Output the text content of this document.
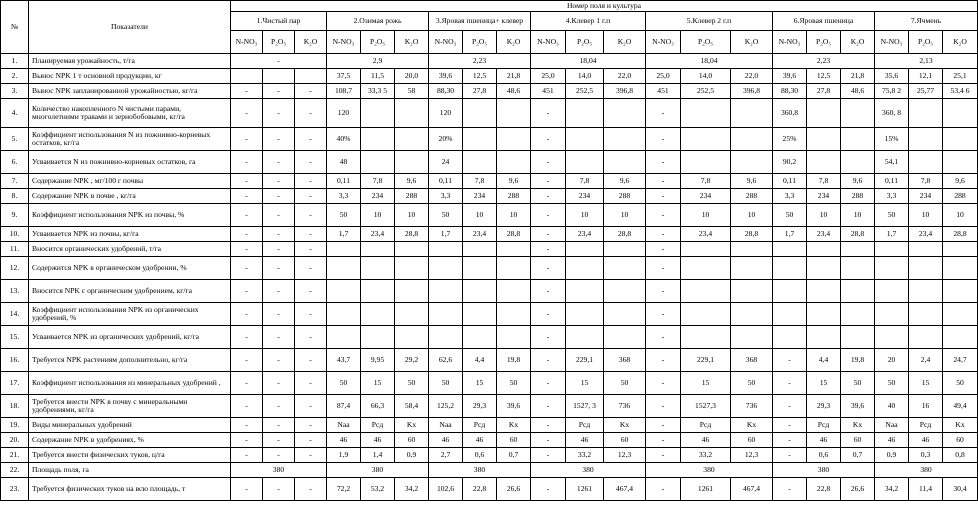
№	Показатели	Номер поля и культура																				
		1.Чистый пар			2.Озимая рожь			3.Яровая пшеница+ клевер			4.Клевер 1 г.п			5.Клевер 2 г.п			6.Яровая пшеница			7.Ячмень		
		N-NO₃	P₂O₅	K₂O	N-NO₃	P₂O₅	K₂O	N-NO₃	P₂O₅	K₂O	N-NO₃	P₂O₅	K₂O	N-NO₃	P₂O₅	K₂O	N-NO₃	P₂O₅	K₂O	N-NO₃	P₂O₅	K₂O
1.	Планируемая урожайность, т/га	-			2,9			2,23			18,04			18,04			2,23			2,13		
2.	Вынос NPK 1 т основной продукции, кг				37,5	11,5	20,0	39,6	12,5	21,8	25,0	14,0	22,0	25,0	14,0	22,0	39,6	12,5	21,8	35,6	12,1	25,1
3.	Вынос NPK запланированной урожайностью, кг/га	-	-	-	108,7	33,3 5	58	88,30	27,8	48,6	451	252,5	396,8	451	252,5	396,8	88,30	27,8	48,6	75,8 2	25,77	53,4 6
4.	Количество накопленного N чистыми парами, многолетними травами и зернобобовыми, кг/га	-	-	-	120			120			-			-			360,8			360, 8		
5.	Коэффициент использования N из пожнивно-корневых остатков, кг/га	-	-	-	40%			20%			-			-			25%			15%		
6.	Усваивается N из пожнивно-корневых остатков, га	-	-	-	48			24			-			-			90,2			54,1		
7.	Содержание NPK , мг/100 г почвы	-	-	-	0,11	7,8	9,6	0,11	7,8	9,6	-	7,8	9,6	-	7,8	9,6	0,11	7,8	9,6	0,11	7,8	9,6
8.	Содержание NPK в почве , кг/га	-	-	-	3,3	234	288	3,3	234	288	-	234	288	-	234	288	3,3	234	288	3,3	234	288
9.	Коэффициент использования NPK из почвы, %	-	-	-	50	10	10	50	10	10	-	10	10	-	10	10	50	10	10	50	10	10
10.	Усваивается NPK из почвы, кг/га	-	-	-	1,7	23,4	28,8	1,7	23,4	28,8	-	23,4	28,8	-	23,4	28,8	1,7	23,4	28,8	1,7	23,4	28,8
11.	Вносится органических удобрений, т/га	-	-	-							-			-								
12.	Содержится NPK в органическом удобрении, %	-	-	-							-			-								
13.	Вносится NPK с органическим удобрением, кг/га	-	-	-							-			-								
14.	Коэффициент использования NPK из органических удобрений, %	-	-	-							-			-								
15.	Усваивается NPK из органических удобрений, кг/га	-	-	-							-			-								
16.	Требуется NPK растениям дополнительно, кг/га	-	-	-	43,7	9,95	29,2	62,6	4,4	19,8	-	229,1	368	-	229,1	368	-	4,4	19,8	20	2,4	24,7
17.	Коэффициент использования из минеральных удобрений ,	-	-	-	50	15	50	50	15	50	-	15	50	-	15	50	-	15	50	50	15	50
18.	Требуется внести NPK в почву с минеральными удобрениями, кг/га	-	-	-	87,4	66,3	58,4	125,2	29,3	39,6	-	1527, 3	736	-	1527,3	736	-	29,3	39,6	40	16	49,4
19.	Виды минеральных удобрений	-	-	-	Nаа	Pсд	Kх	Nаа	Pсд	Kх	-	Pсд	Kх	-	Pсд	Kх	-	Pсд	Kх	Nаа	Pсд	Kх
20.	Содержание NPK в удобрениях, %	-	-	-	46	46	60	46	46	60	-	46	60	-	46	60	-	46	60	46	46	60
21.	Требуется внести физических туков, ц/га	-	-	-	1,9	1,4	0,9	2,7	0,6	0,7	-	33,2	12,3	-	33,2	12,3	-	0,6	0,7	0,9	0,3	0,8
22.	Площадь поля, га	380			380			380			380			380			380			380		
23.	Требуется физических туков на всю площадь, т	-	-	-	72,2	53,2	34,2	102,6	22,8	26,6	-	1261	467,4	-	1261	467,4	-	22,8	26,6	34,2	11,4	30,4
